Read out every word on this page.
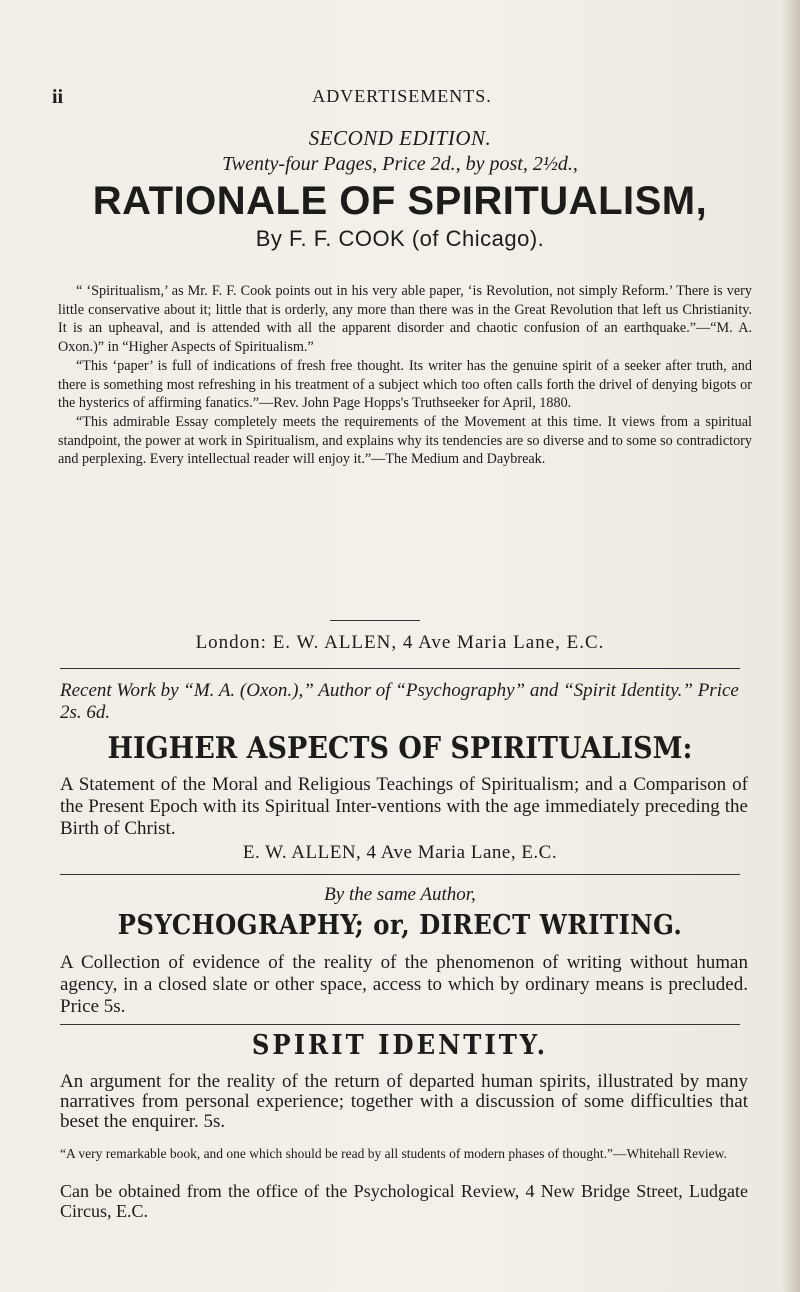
ii	ADVERTISEMENTS.
SECOND EDITION.
Twenty-four Pages, Price 2d., by post, 2½d.,
RATIONALE OF SPIRITUALISM,
By F. F. COOK (of Chicago).

“ ‘Spiritualism,’ as Mr. F. F. Cook points out in his very able paper, ‘is Revolution, not simply Reform.’ There is very little conservative about it; little that is orderly, any more than there was in the Great Revolution that left us Christianity. It is an upheaval, and is attended with all the apparent disorder and chaotic confusion of an earthquake.”—“M. A. Oxon.)” in “Higher Aspects of Spiritualism.”

“This ‘paper’ is full of indications of fresh free thought. Its writer has the genuine spirit of a seeker after truth, and there is something most refreshing in his treatment of a subject which too often calls forth the drivel of denying bigots or the hysterics of affirming fanatics.”—Rev. John Page Hopps's Truthseeker for April, 1880.

“This admirable Essay completely meets the requirements of the Movement at this time. It views from a spiritual standpoint, the power at work in Spiritualism, and explains why its tendencies are so diverse and to some so contradictory and perplexing. Every intellectual reader will enjoy it.”—The Medium and Daybreak.

London: E. W. ALLEN, 4 Ave Maria Lane, E.C.
Recent Work by “M. A. (Oxon.),” Author of “Psychography” and “Spirit Identity.” Price 2s. 6d.
HIGHER ASPECTS OF SPIRITUALISM:
A Statement of the Moral and Religious Teachings of Spiritualism; and a Comparison of the Present Epoch with its Spiritual Inter-ventions with the age immediately preceding the Birth of Christ.
E. W. ALLEN, 4 Ave Maria Lane, E.C.
By the same Author,
PSYCHOGRAPHY; or, DIRECT WRITING.
A Collection of evidence of the reality of the phenomenon of writing without human agency, in a closed slate or other space, access to which by ordinary means is precluded. Price 5s.
SPIRIT IDENTITY.
An argument for the reality of the return of departed human spirits, illustrated by many narratives from personal experience; together with a discussion of some difficulties that beset the enquirer. 5s.
“A very remarkable book, and one which should be read by all students of modern phases of thought.”—Whitehall Review.
Can be obtained from the office of the Psychological Review, 4 New Bridge Street, Ludgate Circus, E.C.
